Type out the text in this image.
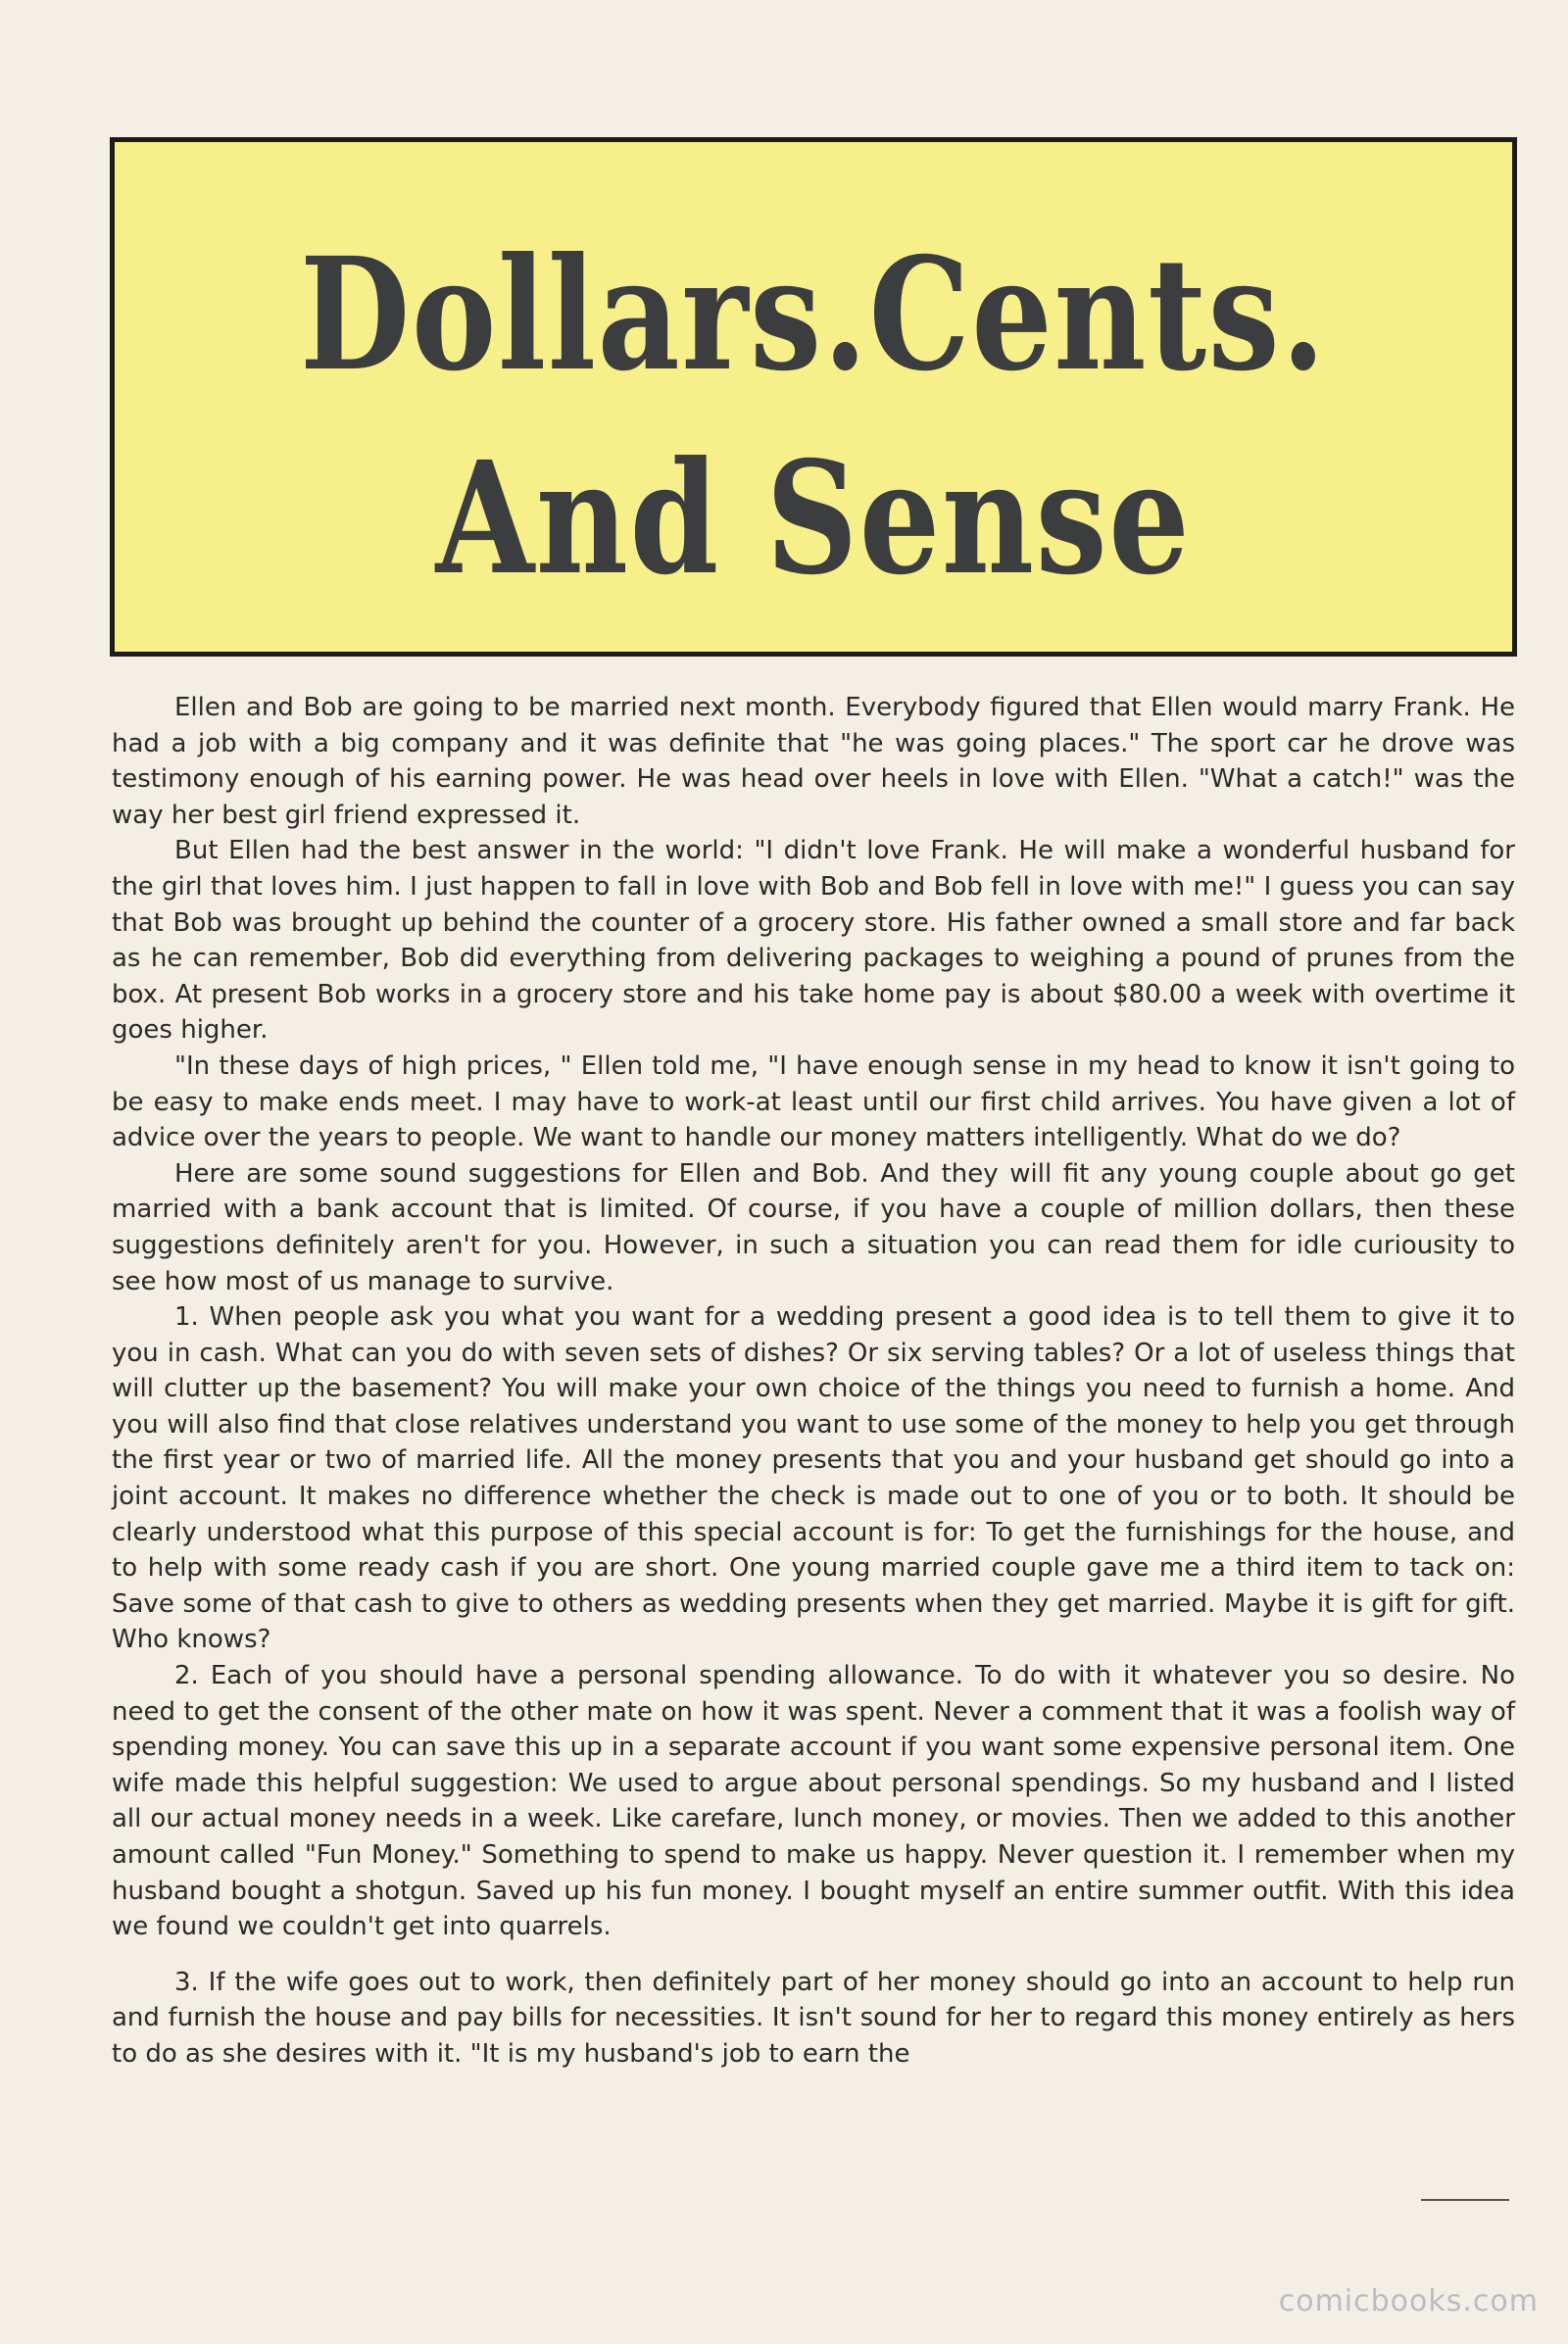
Dollars.Cents.
And Sense

Ellen and Bob are going to be married next month. Everybody figured that Ellen would marry Frank. He had a job with a big company and it was definite that "he was going places." The sport car he drove was testimony enough of his earning power. He was head over heels in love with Ellen. "What a catch!" was the way her best girl friend expressed it.

But Ellen had the best answer in the world: "I didn't love Frank. He will make a wonderful husband for the girl that loves him. I just happen to fall in love with Bob and Bob fell in love with me!" I guess you can say that Bob was brought up behind the counter of a grocery store. His father owned a small store and far back as he can remember, Bob did everything from delivering packages to weighing a pound of prunes from the box. At present Bob works in a grocery store and his take home pay is about $80.00 a week with overtime it goes higher.

"In these days of high prices, " Ellen told me, "I have enough sense in my head to know it isn't going to be easy to make ends meet. I may have to work-at least until our first child arrives. You have given a lot of advice over the years to people. We want to handle our money matters intelligently. What do we do?

Here are some sound suggestions for Ellen and Bob. And they will fit any young couple about go get married with a bank account that is limited. Of course, if you have a couple of million dollars, then these suggestions definitely aren't for you. However, in such a situation you can read them for idle curiousity to see how most of us manage to survive.

1. When people ask you what you want for a wedding present a good idea is to tell them to give it to you in cash. What can you do with seven sets of dishes? Or six serving tables? Or a lot of useless things that will clutter up the basement? You will make your own choice of the things you need to furnish a home. And you will also find that close relatives understand you want to use some of the money to help you get through the first year or two of married life. All the money presents that you and your husband get should go into a joint account. It makes no difference whether the check is made out to one of you or to both. It should be clearly understood what this purpose of this special account is for: To get the furnishings for the house, and to help with some ready cash if you are short. One young married couple gave me a third item to tack on: Save some of that cash to give to others as wedding presents when they get married. Maybe it is gift for gift. Who knows?

2. Each of you should have a personal spending allowance. To do with it whatever you so desire. No need to get the consent of the other mate on how it was spent. Never a comment that it was a foolish way of spending money. You can save this up in a separate account if you want some expensive personal item. One wife made this helpful suggestion: We used to argue about personal spendings. So my husband and I listed all our actual money needs in a week. Like carefare, lunch money, or movies. Then we added to this another amount called "Fun Money." Something to spend to make us happy. Never question it. I remember when my husband bought a shotgun. Saved up his fun money. I bought myself an entire summer outfit. With this idea we found we couldn't get into quarrels.

3. If the wife goes out to work, then definitely part of her money should go into an account to help run and furnish the house and pay bills for necessities. It isn't sound for her to regard this money entirely as hers to do as she desires with it. "It is my husband's job to earn the

comicbooks.com
